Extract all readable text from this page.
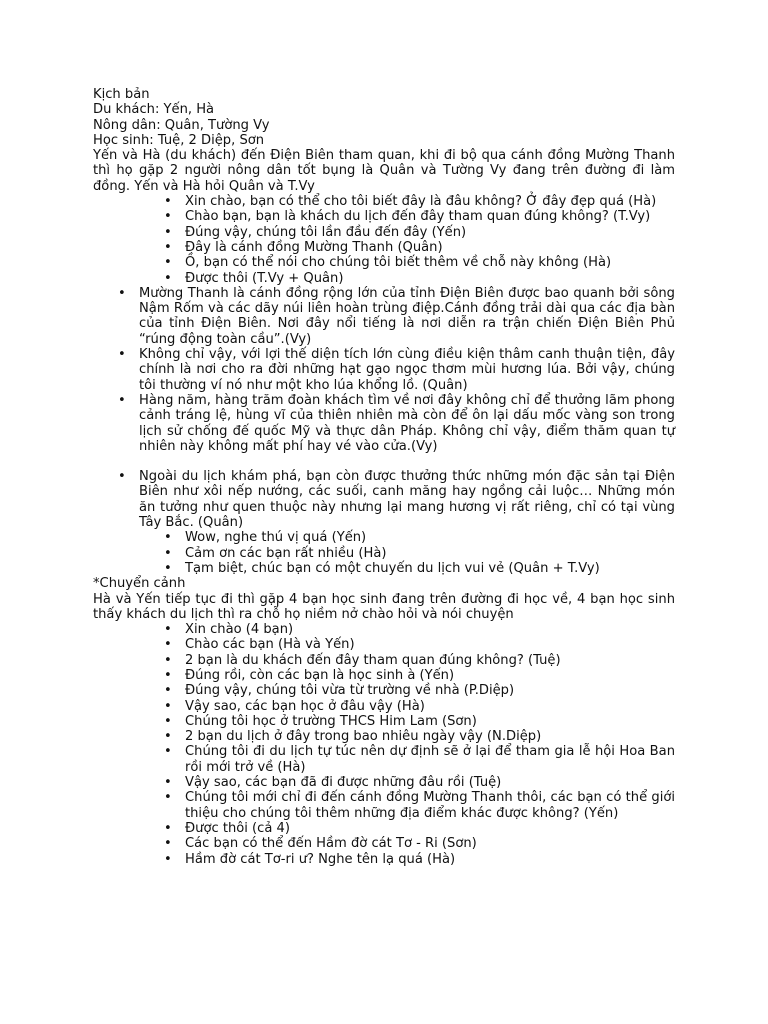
Kịch bản

Du khách: Yến, Hà

Nông dân: Quân, Tường Vy

Học sinh: Tuệ, 2 Diệp, Sơn

Yến và Hà (du khách) đến Điện Biên tham quan, khi đi bộ qua cánh đồng Mường Thanh thì họ gặp 2 người nông dân tốt bụng là Quân và Tường Vy đang trên đường đi làm đồng. Yến và Hà hỏi Quân và T.Vy

• Xin chào, bạn có thể cho tôi biết đây là đâu không? Ở đây đẹp quá (Hà)
• Chào bạn, bạn là khách du lịch đến đây tham quan đúng không? (T.Vy)
• Đúng vậy, chúng tôi lần đầu đến đây (Yến)
• Đây là cánh đồng Mường Thanh (Quân)
• Ồ, bạn có thể nói cho chúng tôi biết thêm về chỗ này không (Hà)
• Được thôi (T.Vy + Quân)
• Mường Thanh là cánh đồng rộng lớn của tỉnh Điện Biên được bao quanh bởi sông Nậm Rốm và các dãy núi liên hoàn trùng điệp.Cánh đồng trải dài qua các địa bàn của tỉnh Điện Biên. Nơi đây nổi tiếng là nơi diễn ra trận chiến Điện Biên Phủ “rúng động toàn cầu”.(Vy)
• Không chỉ vậy, với lợi thế diện tích lớn cùng điều kiện thâm canh thuận tiện, đây chính là nơi cho ra đời những hạt gạo ngọc thơm mùi hương lúa. Bởi vậy, chúng tôi thường ví nó như một kho lúa khổng lồ. (Quân)
• Hàng năm, hàng trăm đoàn khách tìm về nơi đây không chỉ để thưởng lãm phong cảnh tráng lệ, hùng vĩ của thiên nhiên mà còn để ôn lại dấu mốc vàng son trong lịch sử chống đế quốc Mỹ và thực dân Pháp. Không chỉ vậy, điểm thăm quan tự nhiên này không mất phí hay vé vào cửa.(Vy)
• Ngoài du lịch khám phá, bạn còn được thưởng thức những món đặc sản tại Điện Biên như xôi nếp nướng, các suối, canh măng hay ngồng cải luộc… Những món ăn tưởng như quen thuộc này nhưng lại mang hương vị rất riêng, chỉ có tại vùng Tây Bắc. (Quân)
• Wow, nghe thú vị quá (Yến)
• Cảm ơn các bạn rất nhiều (Hà)
• Tạm biệt, chúc bạn có một chuyến du lịch vui vẻ (Quân + T.Vy)

*Chuyển cảnh

Hà và Yến tiếp tục đi thì gặp 4 bạn học sinh đang trên đường đi học về, 4 bạn học sinh thấy khách du lịch thì ra chỗ họ niềm nở chào hỏi và nói chuyện

• Xin chào (4 bạn)
• Chào các bạn (Hà và Yến)
• 2 bạn là du khách đến đây tham quan đúng không? (Tuệ)
• Đúng rồi, còn các bạn là học sinh à (Yến)
• Đúng vậy, chúng tôi vừa từ trường về nhà (P.Diệp)
• Vậy sao, các bạn học ở đâu vậy (Hà)
• Chúng tôi học ở trường THCS Him Lam (Sơn)
• 2 bạn du lịch ở đây trong bao nhiêu ngày vậy (N.Diệp)
• Chúng tôi đi du lịch tự túc nên dự định sẽ ở lại để tham gia lễ hội Hoa Ban rồi mới trở về (Hà)
• Vậy sao, các bạn đã đi được những đâu rồi (Tuệ)
• Chúng tôi mới chỉ đi đến cánh đồng Mường Thanh thôi, các bạn có thể giới thiệu cho chúng tôi thêm những địa điểm khác được không? (Yến)
• Được thôi (cả 4)
• Các bạn có thể đến Hầm đờ cát Tơ - Ri (Sơn)
• Hầm đờ cát Tơ-ri ư? Nghe tên lạ quá (Hà)
